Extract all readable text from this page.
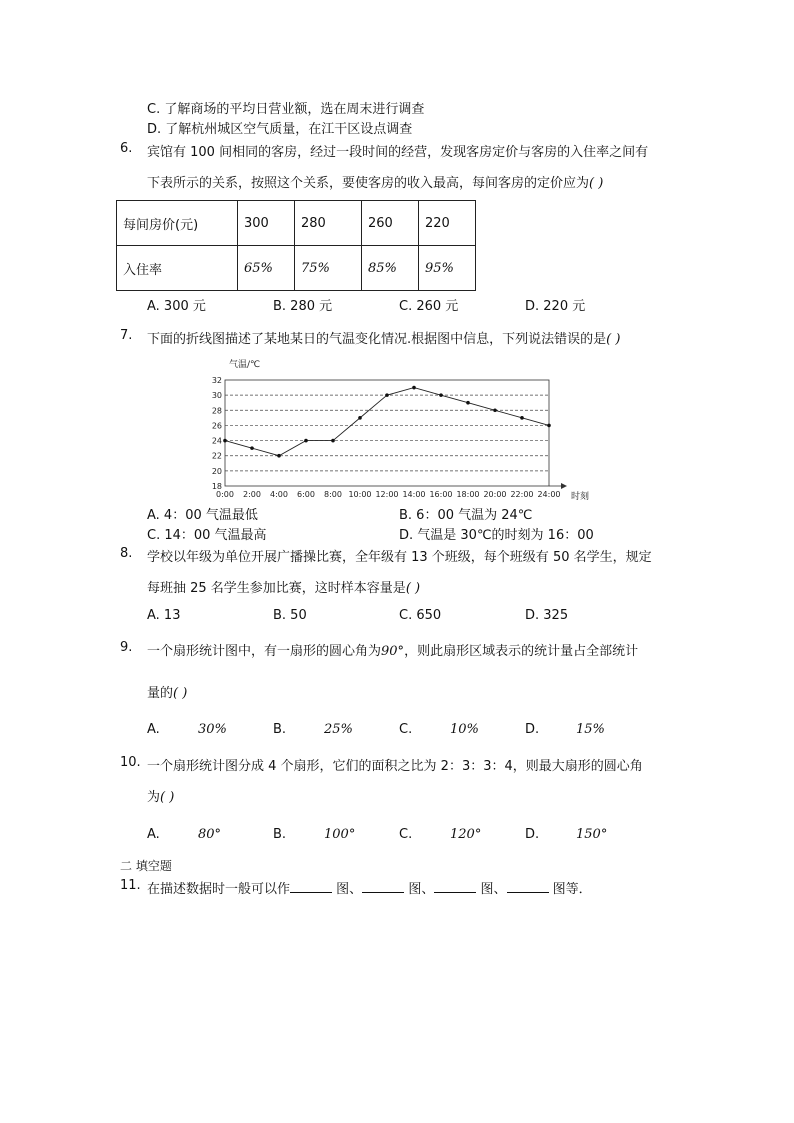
C. 了解商场的平均日营业额，选在周末进行调查
D. 了解杭州城区空气质量，在江干区设点调查
6. 宾馆有 100 间相同的客房，经过一段时间的经营，发现客房定价与客房的入住率之间有
下表所示的关系，按照这个关系，要使客房的收入最高，每间客房的定价应为( )
每间房价(元)	300	280	260	220
入住率	65%	75%	85%	95%
A. 300 元	B. 280 元	C. 260 元	D. 220 元
7. 下面的折线图描述了某地某日的气温变化情况.根据图中信息，下列说法错误的是( )
18
20
22
24
26
28
30
32
气温/℃
0:00 2:00 4:00 6:00 8:00 10:00 12:00 14:00 16:00 18:00 20:00 22:00 24:00 时刻
A. 4：00 气温最低	B. 6：00 气温为 24℃
C. 14：00 气温最高	D. 气温是 30℃的时刻为 16：00
8. 学校以年级为单位开展广播操比赛，全年级有 13 个班级，每个班级有 50 名学生，规定
每班抽 25 名学生参加比赛，这时样本容量是( )
A. 13	B. 50	C. 650	D. 325
9. 一个扇形统计图中，有一扇形的圆心角为90°，则此扇形区域表示的统计量占全部统计
量的( )
A.	30%	B.	25%	C.	10%	D.	15%
10. 一个扇形统计图分成 4 个扇形，它们的面积之比为 2：3：3：4，则最大扇形的圆心角
为( )
A.	80°	B.	100°	C.	120°	D.	150°
二 填空题
11. 在描述数据时一般可以作	图、	图、	图、	图等．
